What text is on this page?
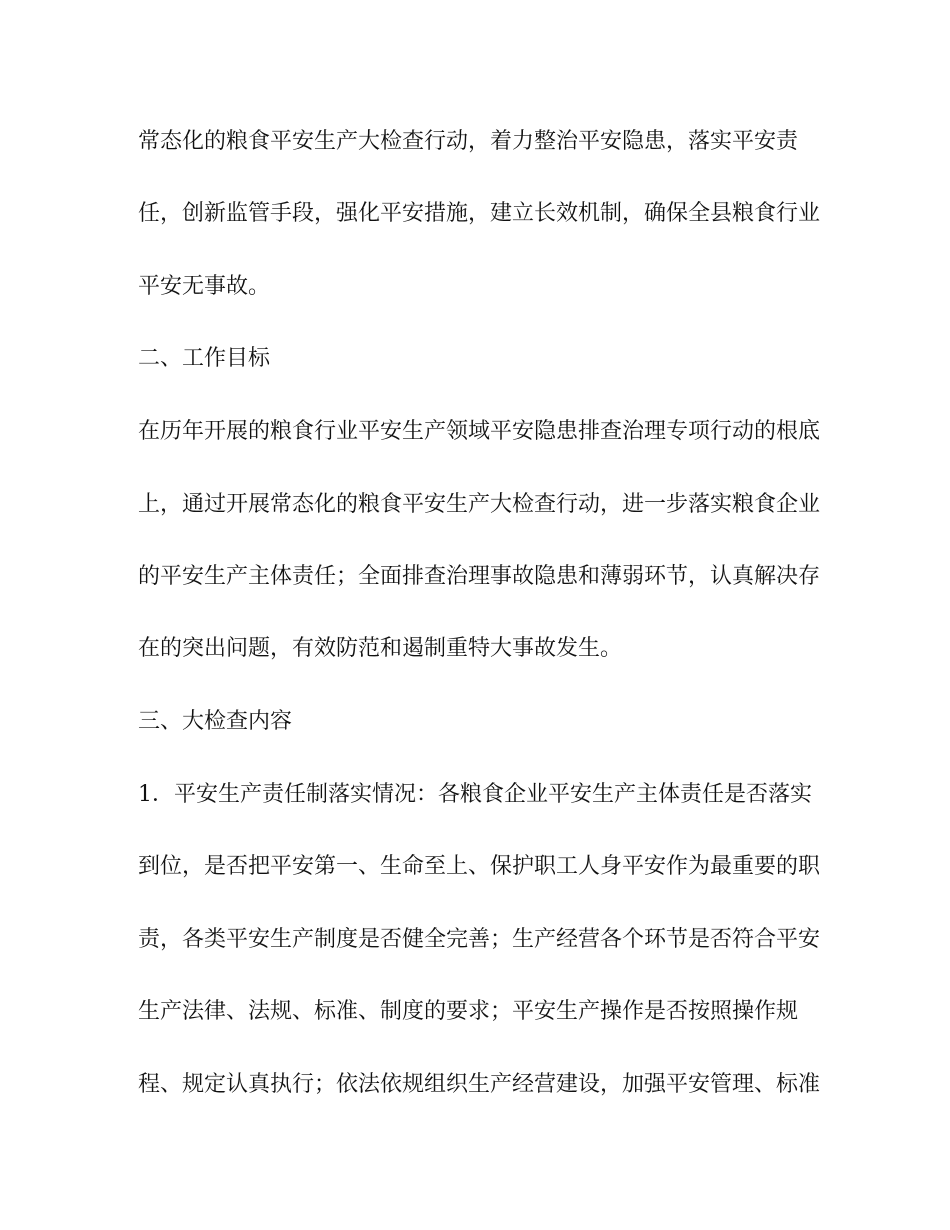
常态化的粮食平安生产大检查行动，着力整治平安隐患，落实平安责
任，创新监管手段，强化平安措施，建立长效机制，确保全县粮食行业
平安无事故。
二、工作目标
在历年开展的粮食行业平安生产领域平安隐患排查治理专项行动的根底
上，通过开展常态化的粮食平安生产大检查行动，进一步落实粮食企业
的平安生产主体责任；全面排查治理事故隐患和薄弱环节，认真解决存
在的突出问题，有效防范和遏制重特大事故发生。
三、大检查内容
1．平安生产责任制落实情况：各粮食企业平安生产主体责任是否落实
到位，是否把平安第一、生命至上、保护职工人身平安作为最重要的职
责，各类平安生产制度是否健全完善；生产经营各个环节是否符合平安
生产法律、法规、标准、制度的要求；平安生产操作是否按照操作规
程、规定认真执行；依法依规组织生产经营建设，加强平安管理、标准
